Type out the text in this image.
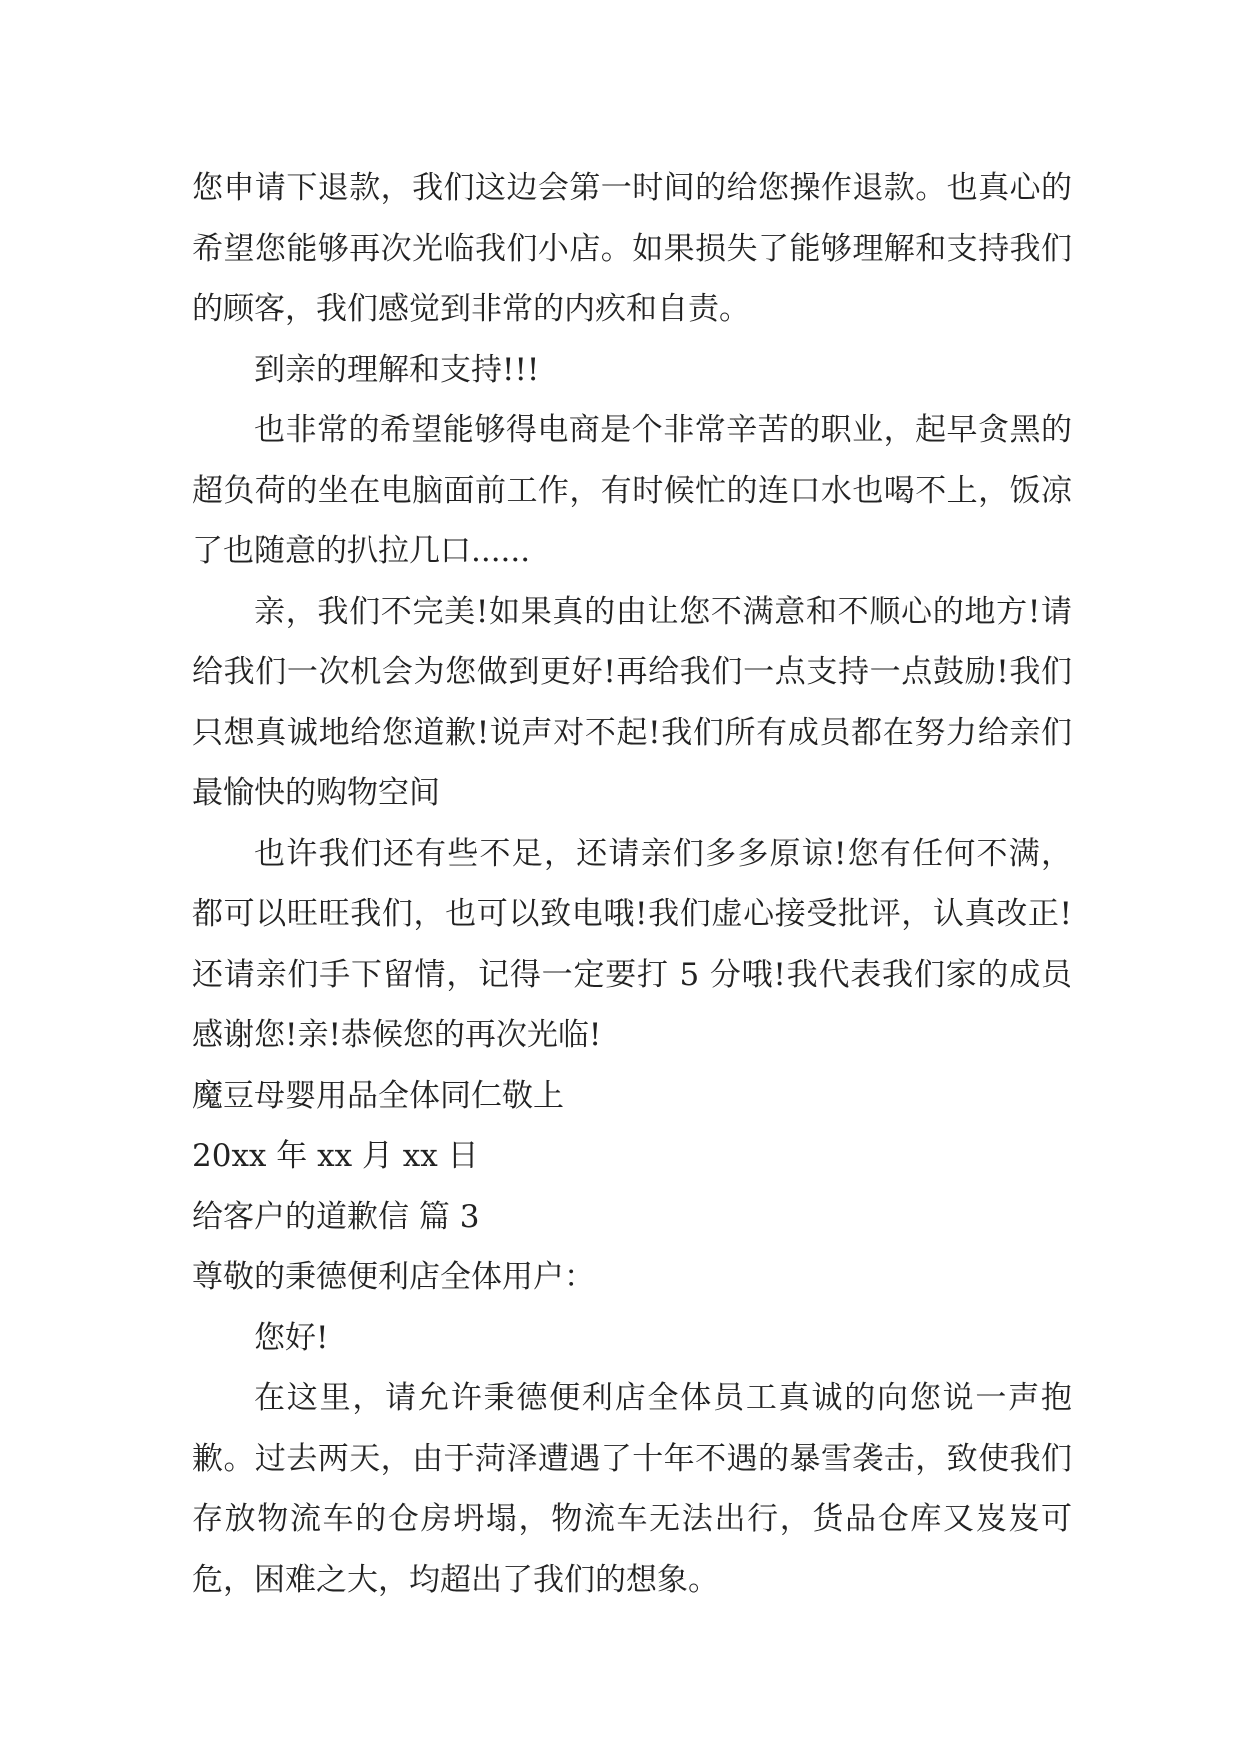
您申请下退款，我们这边会第一时间的给您操作退款。也真心的希望您能够再次光临我们小店。如果损失了能够理解和支持我们的顾客，我们感觉到非常的内疚和自责。

到亲的理解和支持!!!

也非常的希望能够得电商是个非常辛苦的职业，起早贪黑的超负荷的坐在电脑面前工作，有时候忙的连口水也喝不上，饭凉了也随意的扒拉几口......

亲，我们不完美!如果真的由让您不满意和不顺心的地方!请给我们一次机会为您做到更好!再给我们一点支持一点鼓励!我们只想真诚地给您道歉!说声对不起!我们所有成员都在努力给亲们最愉快的购物空间

也许我们还有些不足，还请亲们多多原谅!您有任何不满，都可以旺旺我们，也可以致电哦!我们虚心接受批评，认真改正!还请亲们手下留情，记得一定要打 5 分哦!我代表我们家的成员感谢您!亲!恭候您的再次光临!

魔豆母婴用品全体同仁敬上

20xx 年 xx 月 xx 日

给客户的道歉信 篇 3

尊敬的秉德便利店全体用户：

您好!

在这里，请允许秉德便利店全体员工真诚的向您说一声抱歉。过去两天，由于菏泽遭遇了十年不遇的暴雪袭击，致使我们存放物流车的仓房坍塌，物流车无法出行，货品仓库又岌岌可危，困难之大，均超出了我们的想象。
